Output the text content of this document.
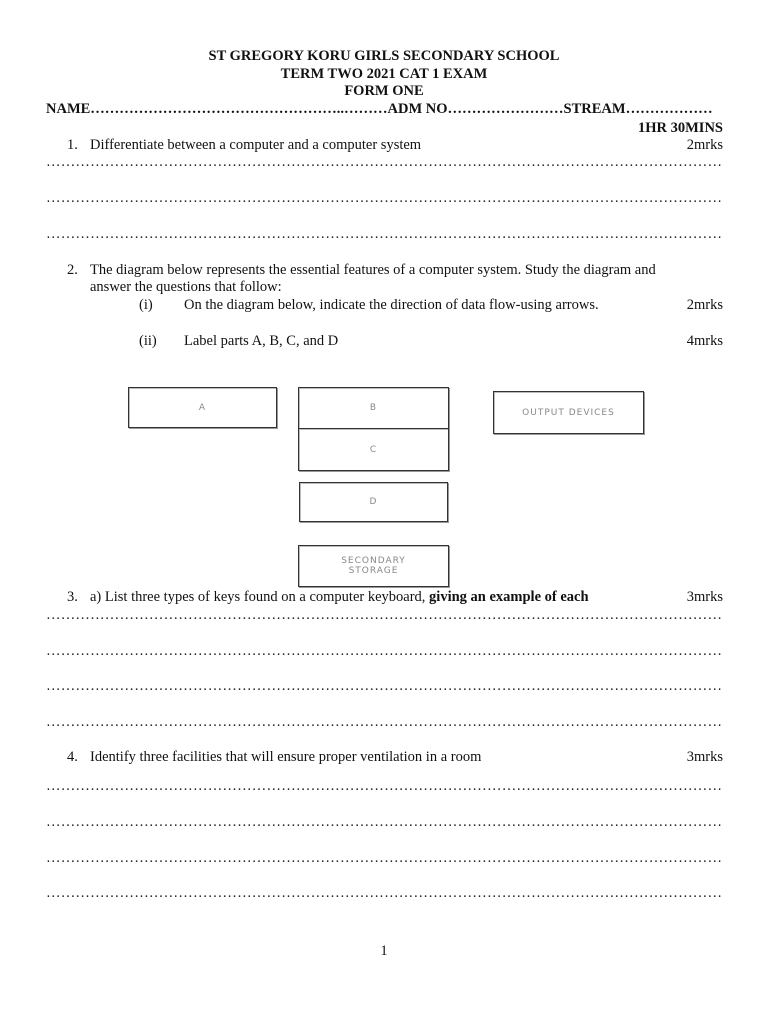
ST GREGORY KORU GIRLS SECONDARY SCHOOL
TERM TWO 2021 CAT 1 EXAM
FORM ONE
NAME……………………………………………..………ADM NO……………………STREAM………………
1HR 30MINS
1. Differentiate between a computer and a computer system	2mrks
…………………………………………………………………………………………………………………………
…………………………………………………………………………………………………………………………
…………………………………………………………………………………………………………………………
2. The diagram below represents the essential features of a computer system. Study the diagram and
answer the questions that follow:
(i) On the diagram below, indicate the direction of data flow-using arrows.	2mrks
(ii) Label parts A, B, C, and D	4mrks
A	B
C
OUTPUT DEVICES
D
SECONDARY
STORAGE
3. a) List three types of keys found on a computer keyboard, giving an example of each	3mrks
…………………………………………………………………………………………………………………………
…………………………………………………………………………………………………………………………
…………………………………………………………………………………………………………………………
…………………………………………………………………………………………………………………………
4. Identify three facilities that will ensure proper ventilation in a room	3mrks
…………………………………………………………………………………………………………………………
…………………………………………………………………………………………………………………………
…………………………………………………………………………………………………………………………
…………………………………………………………………………………………………………………………
1
